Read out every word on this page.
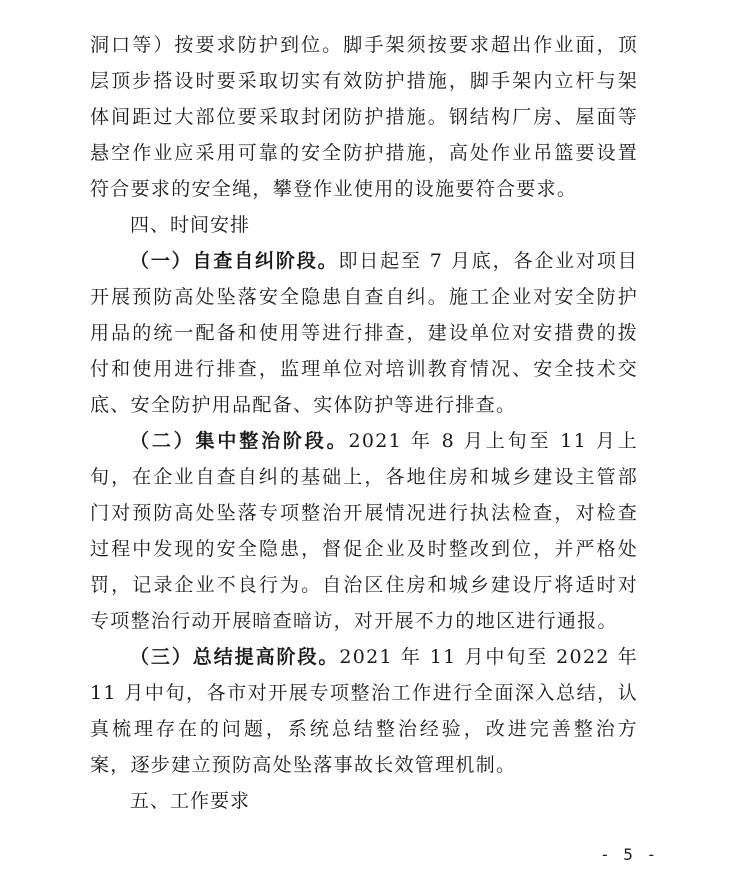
洞口等）按要求防护到位。脚手架须按要求超出作业面，顶层顶步搭设时要采取切实有效防护措施，脚手架内立杆与架体间距过大部位要采取封闭防护措施。钢结构厂房、屋面等悬空作业应采用可靠的安全防护措施，高处作业吊篮要设置符合要求的安全绳，攀登作业使用的设施要符合要求。

四、时间安排

（一）自查自纠阶段。即日起至 7 月底，各企业对项目开展预防高处坠落安全隐患自查自纠。施工企业对安全防护用品的统一配备和使用等进行排查，建设单位对安措费的拨付和使用进行排查，监理单位对培训教育情况、安全技术交底、安全防护用品配备、实体防护等进行排查。

（二）集中整治阶段。2021 年 8 月上旬至 11 月上旬，在企业自查自纠的基础上，各地住房和城乡建设主管部门对预防高处坠落专项整治开展情况进行执法检查，对检查过程中发现的安全隐患，督促企业及时整改到位，并严格处罚，记录企业不良行为。自治区住房和城乡建设厅将适时对专项整治行动开展暗查暗访，对开展不力的地区进行通报。

（三）总结提高阶段。2021 年 11 月中旬至 2022 年 11 月中旬，各市对开展专项整治工作进行全面深入总结，认真梳理存在的问题，系统总结整治经验，改进完善整治方案，逐步建立预防高处坠落事故长效管理机制。

五、工作要求

- 5 -
